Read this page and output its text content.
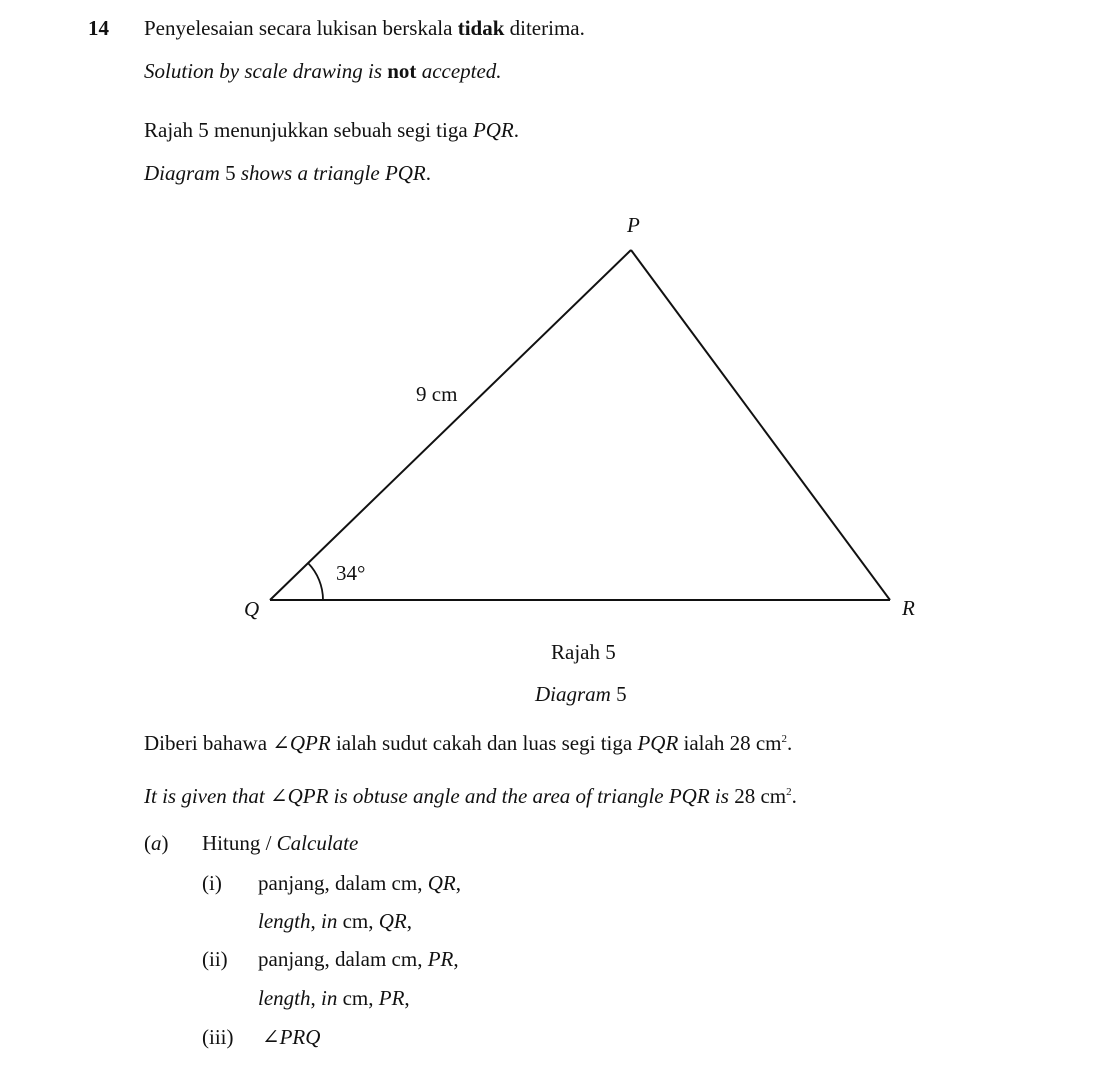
14 Penyelesaian secara lukisan berskala tidak diterima.
Solution by scale drawing is not accepted.
Rajah 5 menunjukkan sebuah segi tiga PQR.
Diagram 5 shows a triangle PQR.
P
Q	R
9 cm
34°
Rajah 5
Diagram 5
Diberi bahawa ∠QPR ialah sudut cakah dan luas segi tiga PQR ialah 28 $cm^2$.
It is given that ∠QPR is obtuse angle and the area of triangle PQR is 28 $cm^2$.
(a) Hitung / Calculate
(i) panjang, dalam cm, QR,
length, in cm, QR,
(ii) panjang, dalam cm, PR,
length, in cm, PR,
(iii) ∠PRQ
